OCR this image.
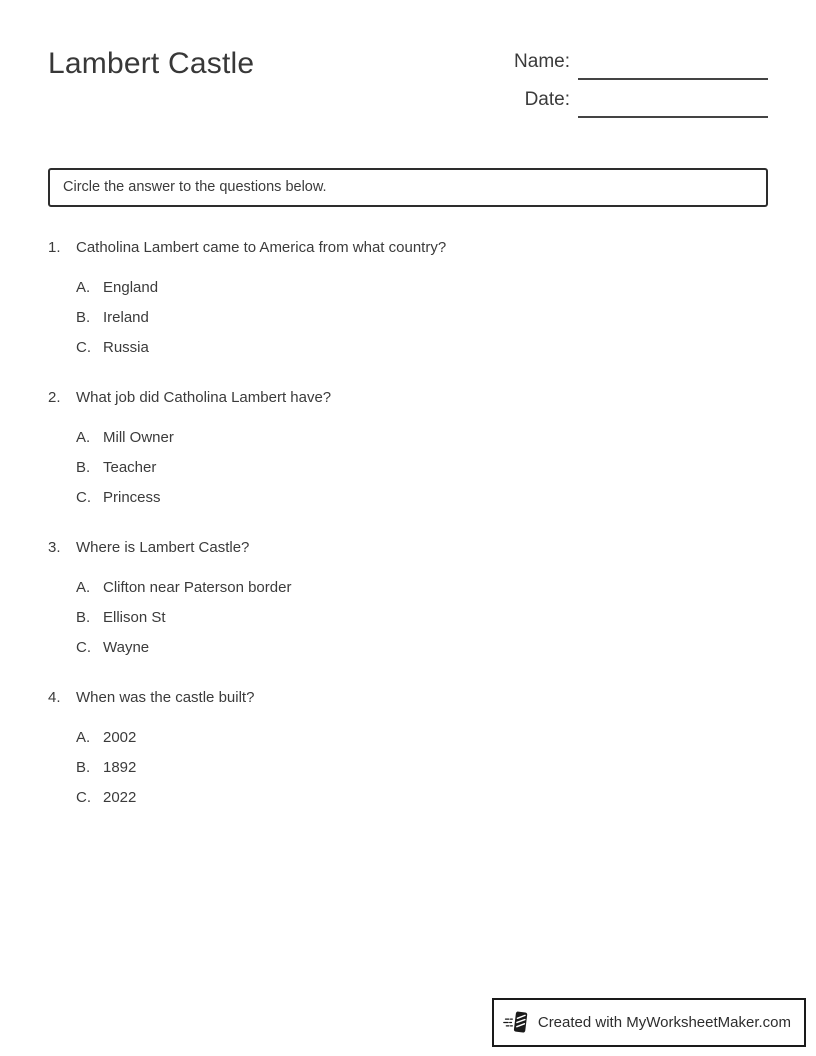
Lambert Castle	Name:
Date:
Circle the answer to the questions below.
1.	Catholina Lambert came to America from what country?
A. England
B. Ireland
C. Russia
2.	What job did Catholina Lambert have?
A. Mill Owner
B. Teacher
C. Princess
3.	Where is Lambert Castle?
A. Clifton near Paterson border
B. Ellison St
C. Wayne
4.	When was the castle built?
A. 2002
B. 1892
C. 2022
Created with MyWorksheetMaker.com
